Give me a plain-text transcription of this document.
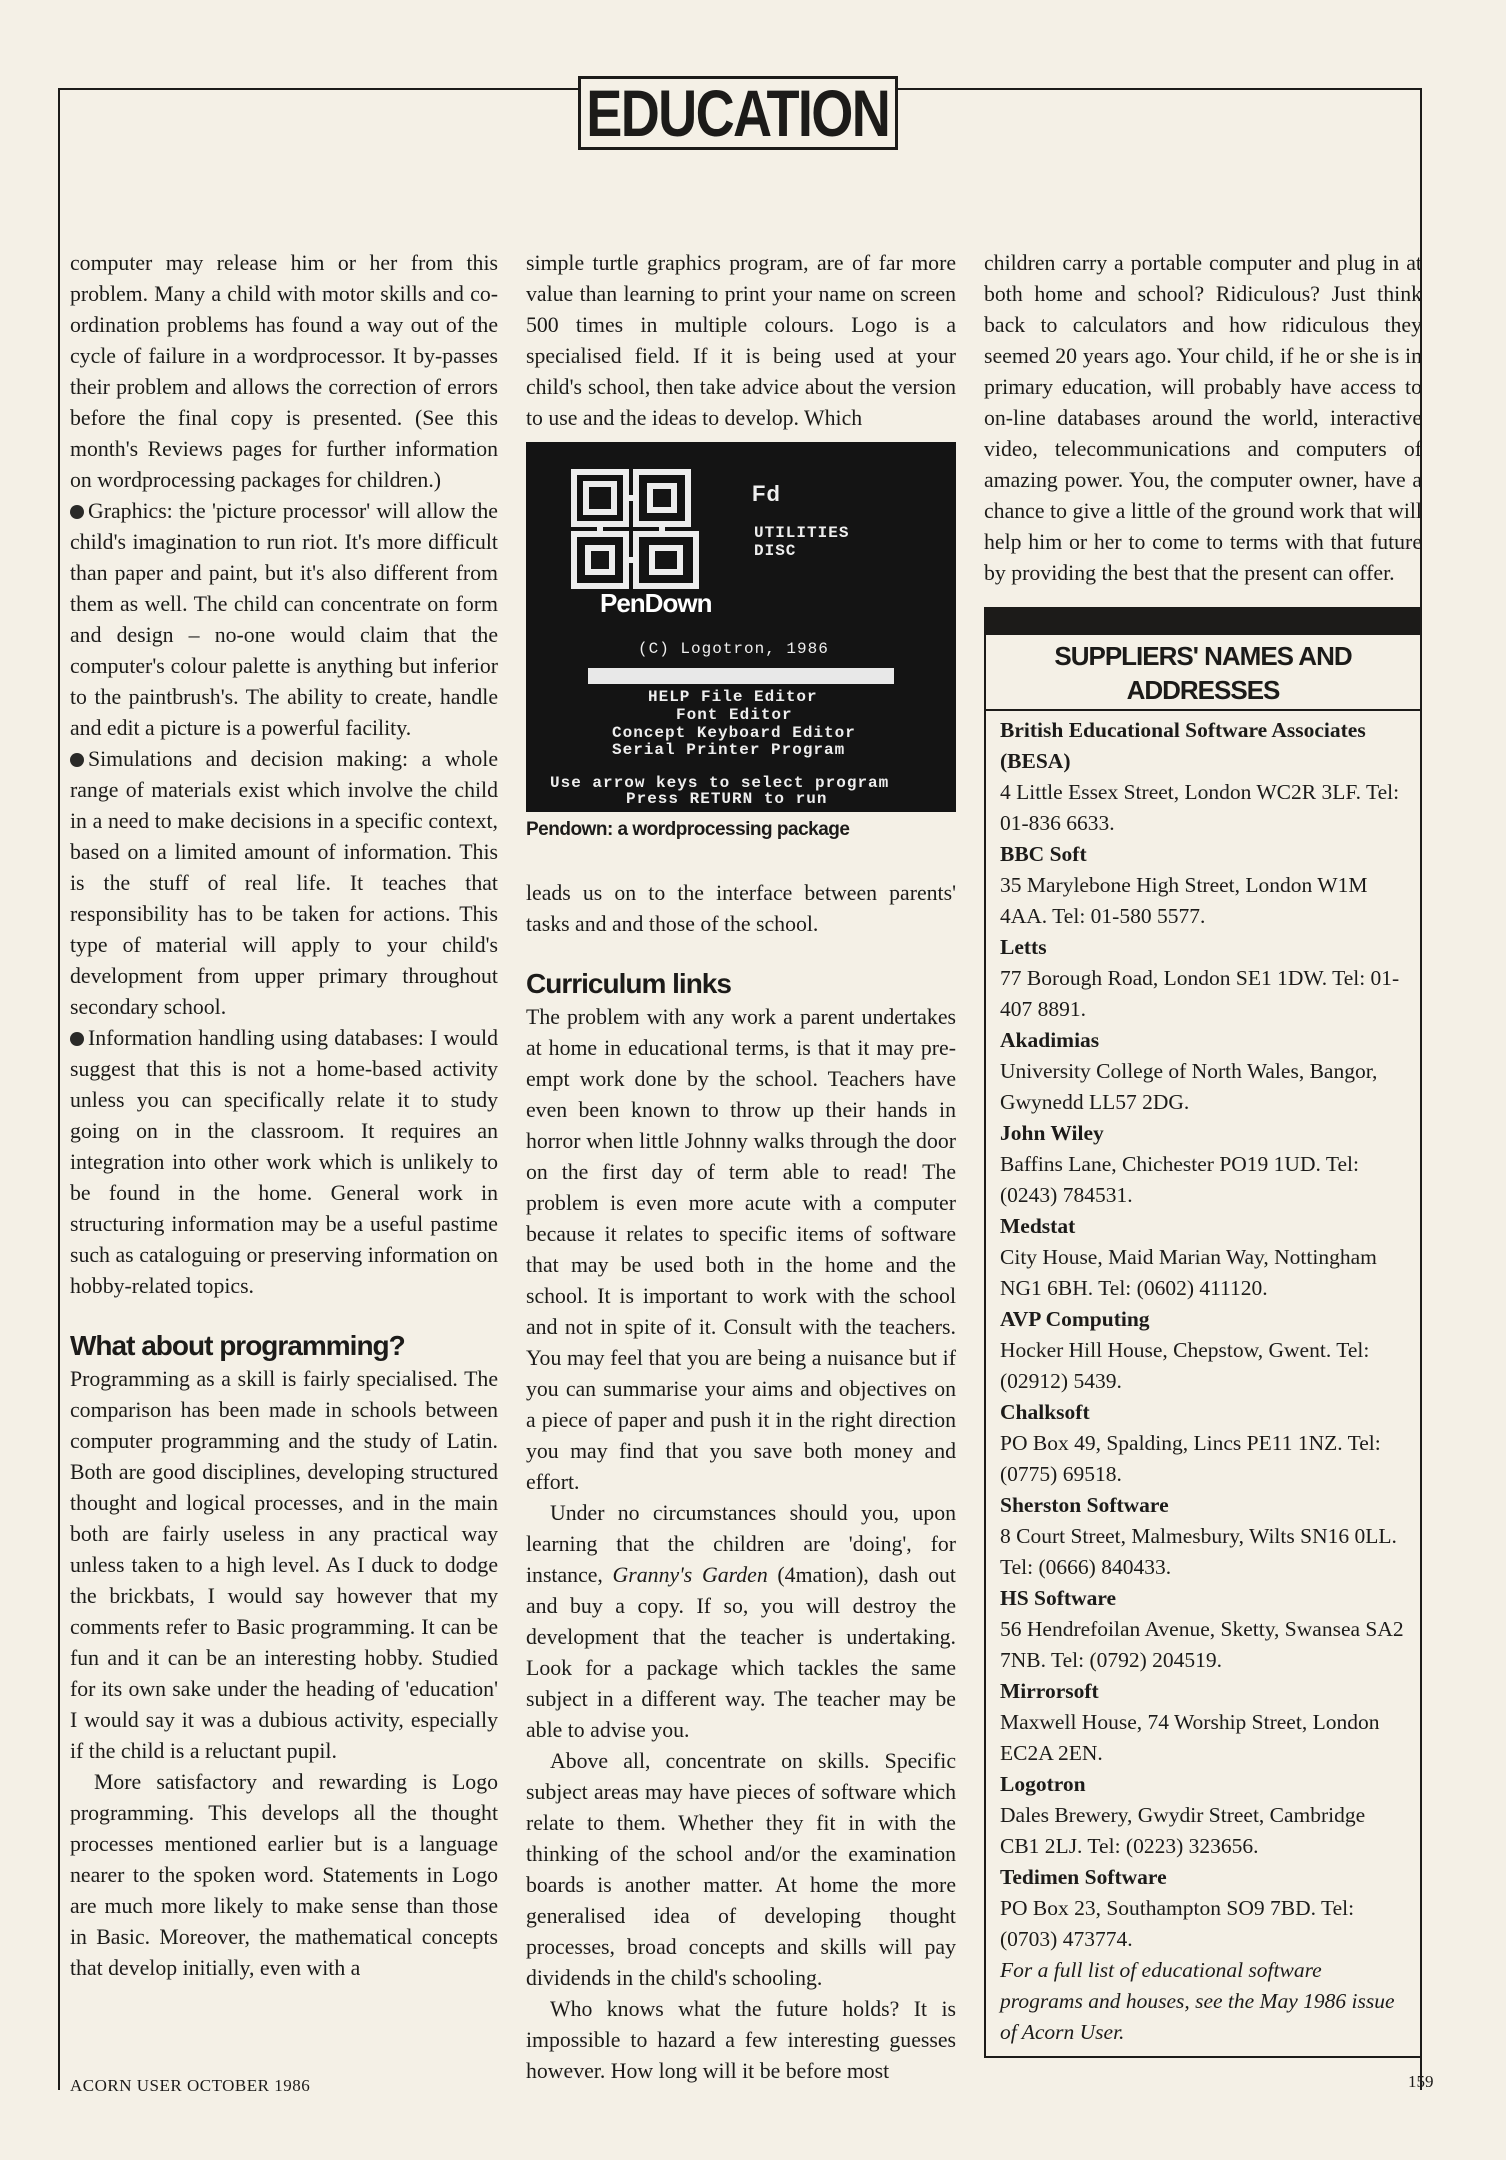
EDUCATION

computer may release him or her from this problem. Many a child with motor skills and co-ordination problems has found a way out of the cycle of failure in a wordprocessor. It by-passes their problem and allows the correction of errors before the final copy is presented. (See this month's Reviews pages for further information on wordprocessing packages for children.)

Graphics: the 'picture processor' will allow the child's imagination to run riot. It's more difficult than paper and paint, but it's also different from them as well. The child can concentrate on form and design – no-one would claim that the computer's colour palette is anything but inferior to the paintbrush's. The ability to create, handle and edit a picture is a powerful facility.

Simulations and decision making: a whole range of materials exist which involve the child in a need to make decisions in a specific context, based on a limited amount of information. This is the stuff of real life. It teaches that responsibility has to be taken for actions. This type of material will apply to your child's development from upper primary throughout secondary school.

Information handling using databases: I would suggest that this is not a home-based activity unless you can specifically relate it to study going on in the classroom. It requires an integration into other work which is unlikely to be found in the home. General work in structuring information may be a useful pastime such as cataloguing or preserving information on hobby-related topics.

What about programming?

Programming as a skill is fairly specialised. The comparison has been made in schools between computer programming and the study of Latin. Both are good disciplines, developing structured thought and logical processes, and in the main both are fairly useless in any practical way unless taken to a high level. As I duck to dodge the brickbats, I would say however that my comments refer to Basic programming. It can be fun and it can be an interesting hobby. Studied for its own sake under the heading of 'education' I would say it was a dubious activity, especially if the child is a reluctant pupil.

More satisfactory and rewarding is Logo programming. This develops all the thought processes mentioned earlier but is a language nearer to the spoken word. Statements in Logo are much more likely to make sense than those in Basic. Moreover, the mathematical concepts that develop initially, even with a

simple turtle graphics program, are of far more value than learning to print your name on screen 500 times in multiple colours. Logo is a specialised field. If it is being used at your child's school, then take advice about the version to use and the ideas to develop. Which

PenDown
Fd
UTILITIES
DISC
(C) Logotron, 1986
HELP File Editor
Font Editor
Concept Keyboard Editor
Serial Printer Program
Use arrow keys to select program
Press RETURN to run
Pendown: a wordprocessing package

leads us on to the interface between parents' tasks and and those of the school.

Curriculum links

The problem with any work a parent undertakes at home in educational terms, is that it may pre-empt work done by the school. Teachers have even been known to throw up their hands in horror when little Johnny walks through the door on the first day of term able to read! The problem is even more acute with a computer because it relates to specific items of software that may be used both in the home and the school. It is important to work with the school and not in spite of it. Consult with the teachers. You may feel that you are being a nuisance but if you can summarise your aims and objectives on a piece of paper and push it in the right direction you may find that you save both money and effort.

Under no circumstances should you, upon learning that the children are 'doing', for instance, Granny's Garden (4mation), dash out and buy a copy. If so, you will destroy the development that the teacher is undertaking. Look for a package which tackles the same subject in a different way. The teacher may be able to advise you.

Above all, concentrate on skills. Specific subject areas may have pieces of software which relate to them. Whether they fit in with the thinking of the school and/or the examination boards is another matter. At home the more generalised idea of developing thought processes, broad concepts and skills will pay dividends in the child's schooling.

Who knows what the future holds? It is impossible to hazard a few interesting guesses however. How long will it be before most

children carry a portable computer and plug in at both home and school? Ridiculous? Just think back to calculators and how ridiculous they seemed 20 years ago. Your child, if he or she is in primary education, will probably have access to on-line databases around the world, interactive video, telecommunications and computers of amazing power. You, the computer owner, have a chance to give a little of the ground work that will help him or her to come to terms with that future by providing the best that the present can offer.

SUPPLIERS' NAMES AND
ADDRESSES
British Educational Software Associates (BESA)
4 Little Essex Street, London WC2R 3LF. Tel: 01-836 6633.
BBC Soft
35 Marylebone High Street, London W1M 4AA. Tel: 01-580 5577.
Letts
77 Borough Road, London SE1 1DW. Tel: 01-407 8891.
Akadimias
University College of North Wales, Bangor, Gwynedd LL57 2DG.
John Wiley
Baffins Lane, Chichester PO19 1UD. Tel: (0243) 784531.
Medstat
City House, Maid Marian Way, Nottingham NG1 6BH. Tel: (0602) 411120.
AVP Computing
Hocker Hill House, Chepstow, Gwent. Tel: (02912) 5439.
Chalksoft
PO Box 49, Spalding, Lincs PE11 1NZ. Tel: (0775) 69518.
Sherston Software
8 Court Street, Malmesbury, Wilts SN16 0LL. Tel: (0666) 840433.
HS Software
56 Hendrefoilan Avenue, Sketty, Swansea SA2 7NB. Tel: (0792) 204519.
Mirrorsoft
Maxwell House, 74 Worship Street, London EC2A 2EN.
Logotron
Dales Brewery, Gwydir Street, Cambridge CB1 2LJ. Tel: (0223) 323656.
Tedimen Software
PO Box 23, Southampton SO9 7BD. Tel: (0703) 473774.
For a full list of educational software programs and houses, see the May 1986 issue of Acorn User.
ACORN USER OCTOBER 1986	159
